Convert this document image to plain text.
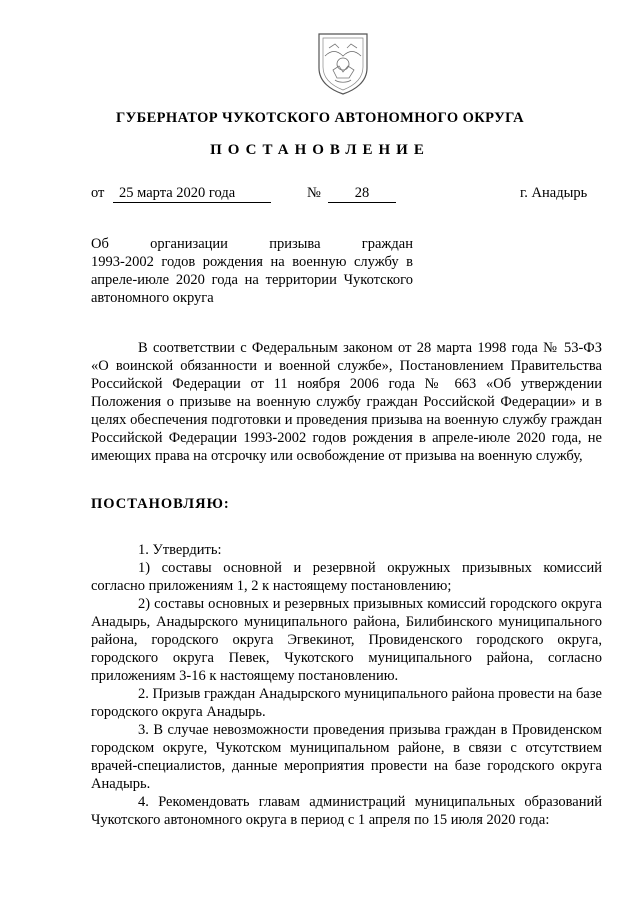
ГУБЕРНАТОР ЧУКОТСКОГО АВТОНОМНОГО ОКРУГА
ПОСТАНОВЛЕНИЕ
от	25 марта 2020 года	№	28	г. Анадырь
Об	организации	призыва	граждан
1993-2002 годов рождения на военную службу в
апреле-июле 2020 года на территории Чукотского
автономного округа

В соответствии с Федеральным законом от 28 марта 1998 года № 53-ФЗ «О воинской обязанности и военной службе», Постановлением Правительства Российской Федерации от 11 ноября 2006 года № 663 «Об утверждении Положения о призыве на военную службу граждан Российской Федерации» и в целях обеспечения подготовки и проведения призыва на военную службу граждан Российской Федерации 1993-2002 годов рождения в апреле-июле 2020 года, не имеющих права на отсрочку или освобождение от призыва на военную службу,

ПОСТАНОВЛЯЮ:

1. Утвердить:

1) составы основной и резервной окружных призывных комиссий согласно приложениям 1, 2 к настоящему постановлению;

2) составы основных и резервных призывных комиссий городского округа Анадырь, Анадырского муниципального района, Билибинского муниципального района, городского округа Эгвекинот, Провиденского городского округа, городского округа Певек, Чукотского муниципального района, согласно приложениям 3-16 к настоящему постановлению.

2. Призыв граждан Анадырского муниципального района провести на базе городского округа Анадырь.

3. В случае невозможности проведения призыва граждан в Провиденском городском округе, Чукотском муниципальном районе, в связи с отсутствием врачей-специалистов, данные мероприятия провести на базе городского округа Анадырь.

4. Рекомендовать главам администраций муниципальных образований Чукотского автономного округа в период с 1 апреля по 15 июля 2020 года:
